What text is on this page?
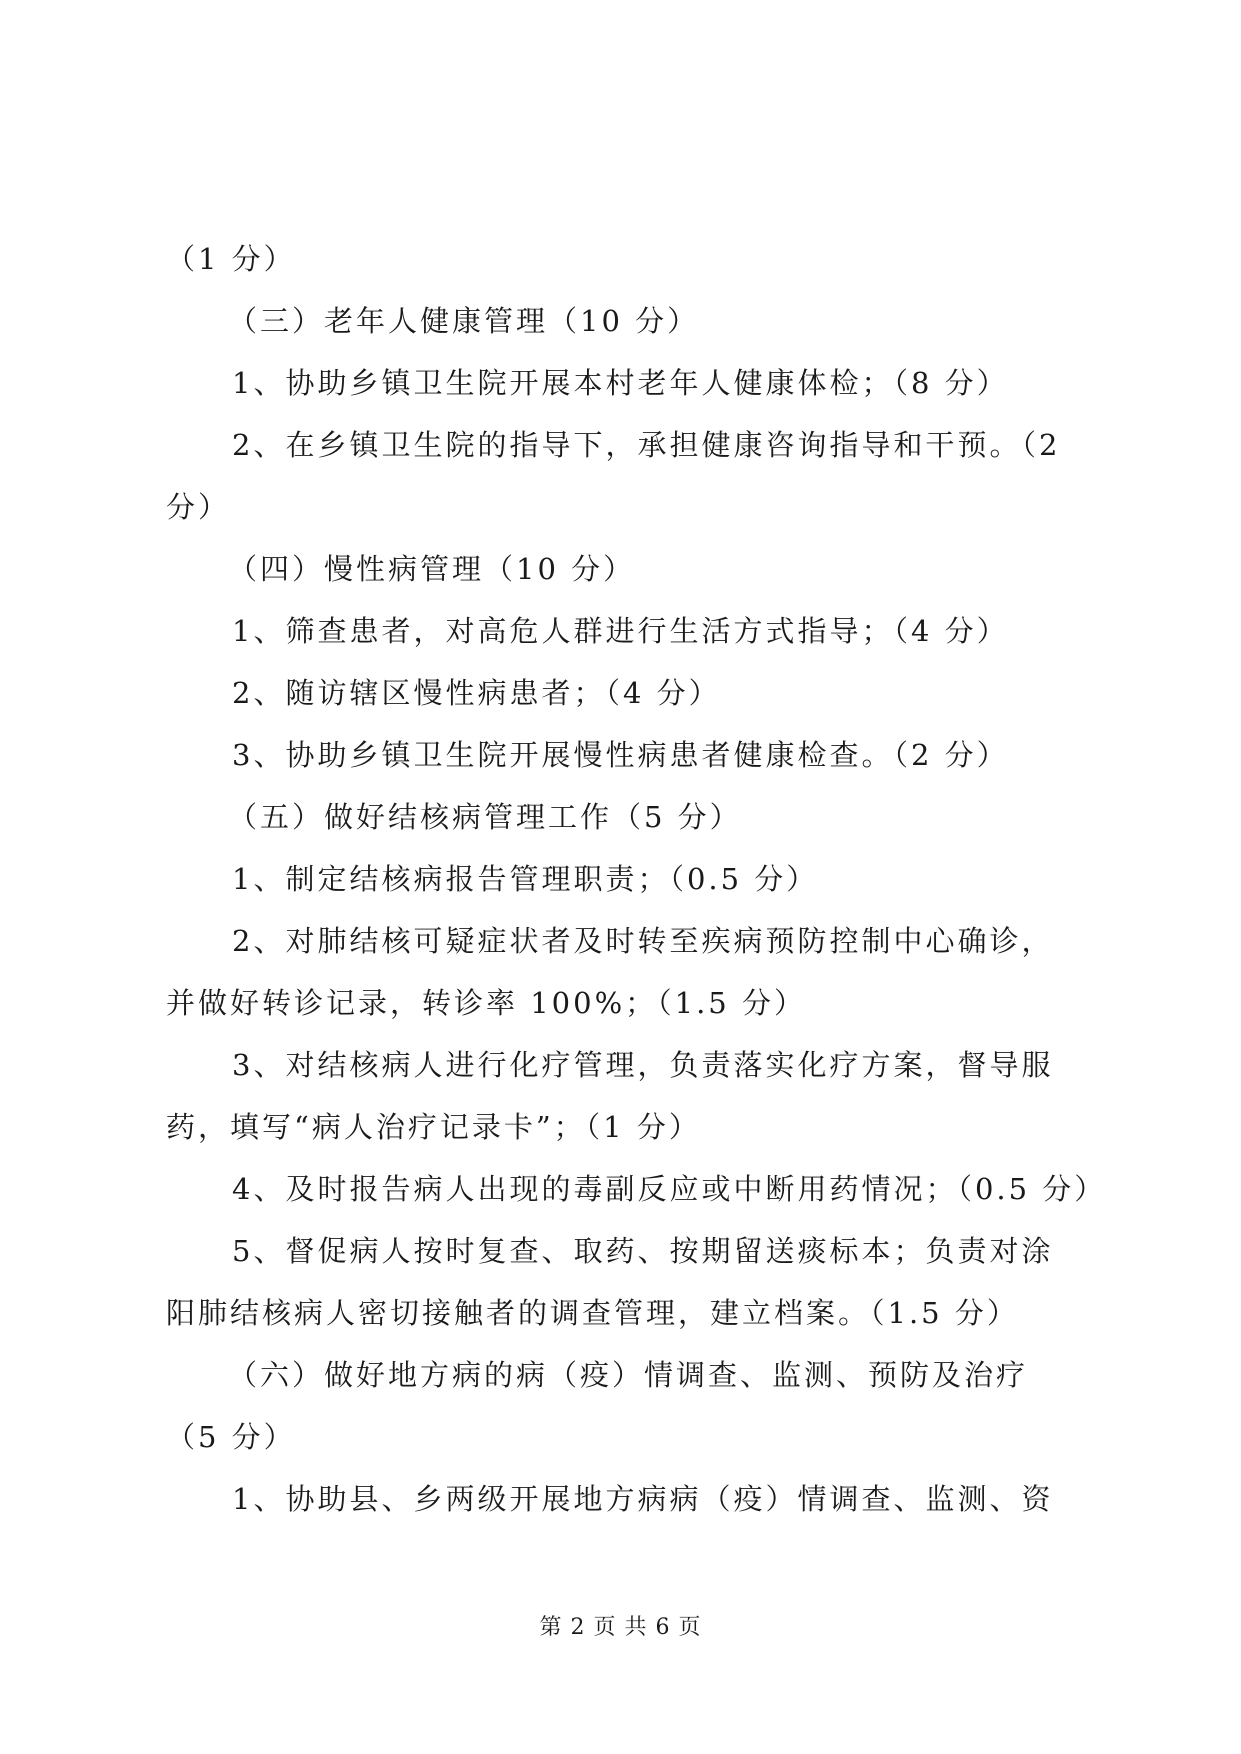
（1 分）
（三）老年人健康管理（10 分）
1、协助乡镇卫生院开展本村老年人健康体检；（8 分）
2、在乡镇卫生院的指导下，承担健康咨询指导和干预。（2
分）
（四）慢性病管理（10 分）
1、筛查患者，对高危人群进行生活方式指导；（4 分）
2、随访辖区慢性病患者；（4 分）
3、协助乡镇卫生院开展慢性病患者健康检查。（2 分）
（五）做好结核病管理工作（5 分）
1、制定结核病报告管理职责；（0.5 分）
2、对肺结核可疑症状者及时转至疾病预防控制中心确诊，
并做好转诊记录，转诊率 100%；（1.5 分）
3、对结核病人进行化疗管理，负责落实化疗方案，督导服
药，填写“病人治疗记录卡”；（1 分）
4、及时报告病人出现的毒副反应或中断用药情况；（0.5 分）
5、督促病人按时复查、取药、按期留送痰标本；负责对涂
阳肺结核病人密切接触者的调查管理，建立档案。（1.5 分）
（六）做好地方病的病（疫）情调查、监测、预防及治疗
（5 分）
1、协助县、乡两级开展地方病病（疫）情调查、监测、资
第 2 页 共 6 页
